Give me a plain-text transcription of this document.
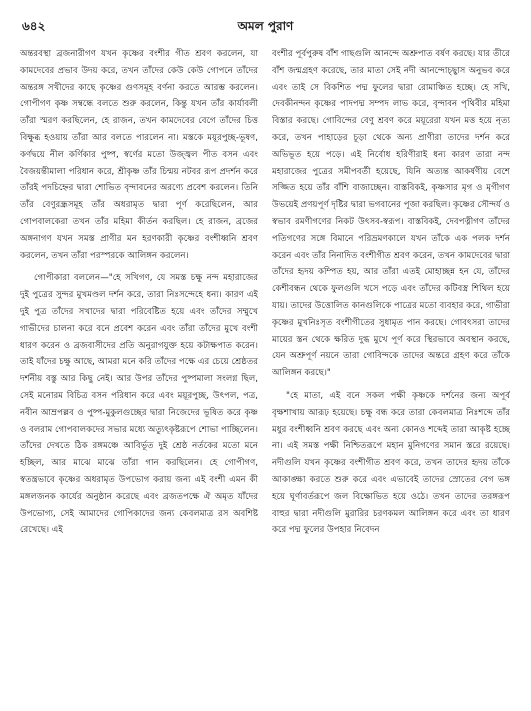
৬৪২	অমল পুরাণ

অন্তরবস্থা ব্রজনারীগণ যখন কৃষ্ণের বংশীর গীত শ্রবণ করলেন, যা কামদেবের প্রভাব উদয় করে, তখন তাঁদের কেউ কেউ গোপনে তাঁদের অন্তরঙ্গ সখীদের কাছে কৃষ্ণের গুণসমূহ বর্ণনা করতে আরম্ভ করলেন। গোপীগণ কৃষ্ণ সম্বন্ধে বলতে শুরু করলেন, কিন্তু যখন তাঁর কার্যাবলী তাঁরা স্মরণ করছিলেন, হে রাজন, তখন কামদেবের বেগে তাঁদের চিত্ত বিক্ষুব্ধ হওয়ায় তাঁরা আর বলতে পারলেন না। মস্তকে ময়ূরপুচ্ছ-ভূষণ, কর্ণদ্বয়ে নীল কর্ণিকার পুষ্প, স্বর্ণের মতো উজ্জ্বল পীত বসন এবং বৈজয়ন্তীমালা পরিধান করে, শ্রীকৃষ্ণ তাঁর চিন্ময় নটবর রূপ প্রদর্শন করে তাঁরই পদচিহ্নের দ্বারা শোভিত বৃন্দাবনের অরণ্যে প্রবেশ করলেন। তিনি তাঁর বেণুরন্ধ্রসমূহ তাঁর অধরামৃত দ্বারা পূর্ণ করেছিলেন, আর গোপবালকেরা তখন তাঁর মহিমা কীর্তন করছিল। হে রাজন, ব্রজের অঙ্গনাগণ যখন সমস্ত প্রাণীর মন হরণকারী কৃষ্ণের বংশীধ্বনি শ্রবণ করলেন, তখন তাঁরা পরস্পরকে আলিঙ্গন করলেন।

গোপীকারা বললেন—"হে সখিগণ, যে সমস্ত চক্ষু নন্দ মহারাজের দুই পুত্রের সুন্দর মুখমণ্ডল দর্শন করে, তারা নিঃসন্দেহে ধন্য। কারণ এই দুই পুত্র তাঁদের সখাদের দ্বারা পরিবেষ্টিত হয়ে এবং তাঁদের সম্মুখে গাভীদের চালনা করে বনে প্রবেশ করেন এবং তাঁরা তাঁদের মুখে বংশী ধারণ করেন ও ব্রজবাসীদের প্রতি অনুরাগযুক্ত হয়ে কটাক্ষপাত করেন। তাই যাঁদের চক্ষু আছে, আমরা মনে করি তাঁদের পক্ষে এর চেয়ে শ্রেষ্ঠতর দর্শনীয় বস্তু আর কিছু নেই। আর উপর তাঁদের পুষ্পমালা সংলগ্ন ছিল, সেই মনোরম বিচিত্র বসন পরিধান করে এবং ময়ূরপুচ্ছ, উৎপল, পত্র, নবীন আম্রপল্লব ও পুষ্প-মুকুলগুচ্ছের দ্বারা নিজেদের ভূষিত করে কৃষ্ণ ও বলরাম গোপবালকদের সভার মধ্যে অত্যুৎকৃষ্টরূপে শোভা পাচ্ছিলেন। তাঁদের দেখতে ঠিক রঙ্গমঞ্চে আবির্ভূত দুই শ্রেষ্ঠ নর্তকের মতো মনে হচ্ছিল, আর মাঝে মাঝে তাঁরা গান করছিলেন। হে গোপীগণ, স্বতন্ত্রভাবে কৃষ্ণের অধরামৃত উপভোগ করায় জন্য এই বংশী এমন কী মঙ্গলজনক কার্যের অনুষ্ঠান করেছে এবং ব্রজতপক্ষে ঐ অমৃত যাঁদের উপভোগ্য, সেই আমাদের গোপিকাদের জন্য কেবলমাত্র রস অবশিষ্ট রেখেছে। এই

বংশীর পূর্বপুরুষ বাঁশ গাছগুলি আনন্দে অশ্রুপাত বর্ষণ করছে। যার তীরে বাঁশ জন্মগ্রহণ করেছে, তার মাতা সেই নদী আনন্দোচ্ছ্বাস অনুভব করে এবং তাই সে বিকশিত পদ্ম ফুলের দ্বারা রোমাঞ্চিত হচ্ছে। হে সখি, দেবকীনন্দন কৃষ্ণের পাদপদ্ম সম্পদ লাভ করে, বৃন্দাবন পৃথিবীর মহিমা বিস্তার করছে। গোবিন্দের বেণু শ্রবণ করে ময়ূরেরা যখন মত্ত হয়ে নৃত্য করে, তখন পাহাড়ের চূড়া থেকে অন্য প্রাণীরা তাদের দর্শন করে অভিভূত হয়ে পড়ে। এই নির্বোধ হরিণীরাই ধন্য কারণ তারা নন্দ মহারাজের পুত্রের সমীপবর্তী হয়েছে, যিনি অত্যন্ত আকর্ষণীয় বেশে সজ্জিত হয়ে তাঁর বাঁশি বাজাচ্ছেন। বাস্তবিকই, কৃষ্ণসার মৃগ ও মৃগীগণ উভয়েই প্রণয়পূর্ণ দৃষ্টির দ্বারা ভগবানের পূজা করছিল। কৃষ্ণের সৌন্দর্য ও স্বভাব রমণীগণের নিকট উৎসব-স্বরূপ। বাস্তবিকই, দেবপত্নীগণ তাঁদের পতিগণের সঙ্গে বিমানে পরিভ্রমণকালে যখন তাঁকে এক পলক দর্শন করেন এবং তাঁর নিনাদিত বংশীগীত শ্রবণ করেন, তখন কামদেবের দ্বারা তাঁদের হৃদয় কম্পিত হয়, আর তাঁরা এতই মোহাচ্ছন্ন হন যে, তাঁদের কেশীবন্ধন থেকে ফুলগুলি খসে পড়ে এবং তাঁদের কটিবস্ত্র শিথিল হয়ে যায়। তাদের উত্তোলিত কানগুলিকে পাত্রের মতো ব্যবহার করে, গাভীরা কৃষ্ণের মুখনিঃসৃত বংশীগীতের সুধামৃত পান করছে। গোবৎসরা তাদের মায়ের স্তন থেকে ক্ষরিত দুগ্ধ মুখে পূর্ণ করে স্থিরভাবে অবস্থান করছে, যেন অশ্রুপূর্ণ নয়নে তারা গোবিন্দকে তাদের অন্তরে গ্রহণ করে তাঁকে আলিঙ্গন করছে।"

"হে মাতা, এই বনে সকল পক্ষী কৃষ্ণকে দর্শনের জন্য অপূর্ব বৃক্ষশাখায় আরূঢ় হয়েছে। চক্ষু বন্ধ করে তারা কেবলমাত্র নিঃশব্দে তাঁর মধুর বংশীধ্বনি শ্রবণ করছে এবং অন্য কোনও শব্দেই তারা আকৃষ্ট হচ্ছে না। এই সমস্ত পক্ষী নিশ্চিতরূপে মহান মুনিগণের সমান স্তরে রয়েছে। নদীগুলি যখন কৃষ্ণের বংশীগীত শ্রবণ করে, তখন তাদের হৃদয় তাঁকে আকাঙ্ক্ষা করতে শুরু করে এবং এভাবেই তাদের স্রোতের বেগ ভঙ্গ হয়ে ঘূর্ণাবর্তরূপে জল বিক্ষোভিত হয়ে ওঠে। তখন তাদের তরঙ্গরূপ বাহুর দ্বারা নদীগুলি মুরারির চরণকমল আলিঙ্গন করে এবং তা ধারণ করে পদ্ম ফুলের উপহার নিবেদন
